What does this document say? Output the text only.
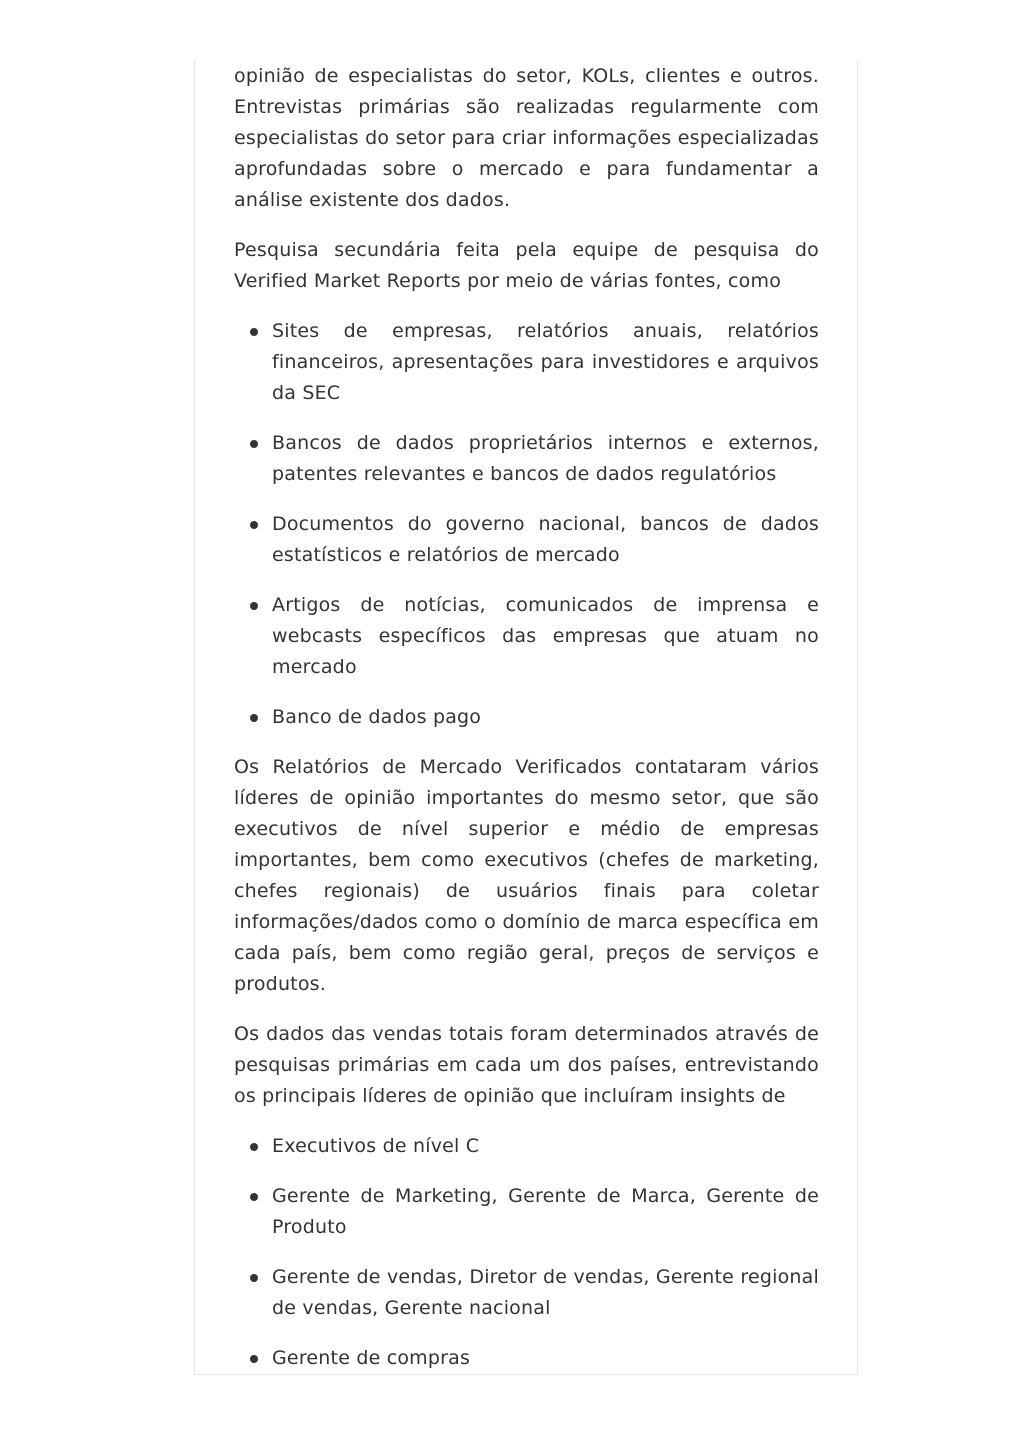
opinião de especialistas do setor, KOLs, clientes e outros. Entrevistas primárias são realizadas regularmente com especialistas do setor para criar informações especializadas aprofundadas sobre o mercado e para fundamentar a análise existente dos dados.

Pesquisa secundária feita pela equipe de pesquisa do Verified Market Reports por meio de várias fontes, como

Sites de empresas, relatórios anuais, relatórios financeiros, apresentações para investidores e arquivos da SEC
Bancos de dados proprietários internos e externos, patentes relevantes e bancos de dados regulatórios
Documentos do governo nacional, bancos de dados estatísticos e relatórios de mercado
Artigos de notícias, comunicados de imprensa e webcasts específicos das empresas que atuam no mercado
Banco de dados pago

Os Relatórios de Mercado Verificados contataram vários líderes de opinião importantes do mesmo setor, que são executivos de nível superior e médio de empresas importantes, bem como executivos (chefes de marketing, chefes regionais) de usuários finais para coletar informações/dados como o domínio de marca específica em cada país, bem como região geral, preços de serviços e produtos.

Os dados das vendas totais foram determinados através de pesquisas primárias em cada um dos países, entrevistando os principais líderes de opinião que incluíram insights de

Executivos de nível C
Gerente de Marketing, Gerente de Marca, Gerente de Produto
Gerente de vendas, Diretor de vendas, Gerente regional de vendas, Gerente nacional
Gerente de compras
